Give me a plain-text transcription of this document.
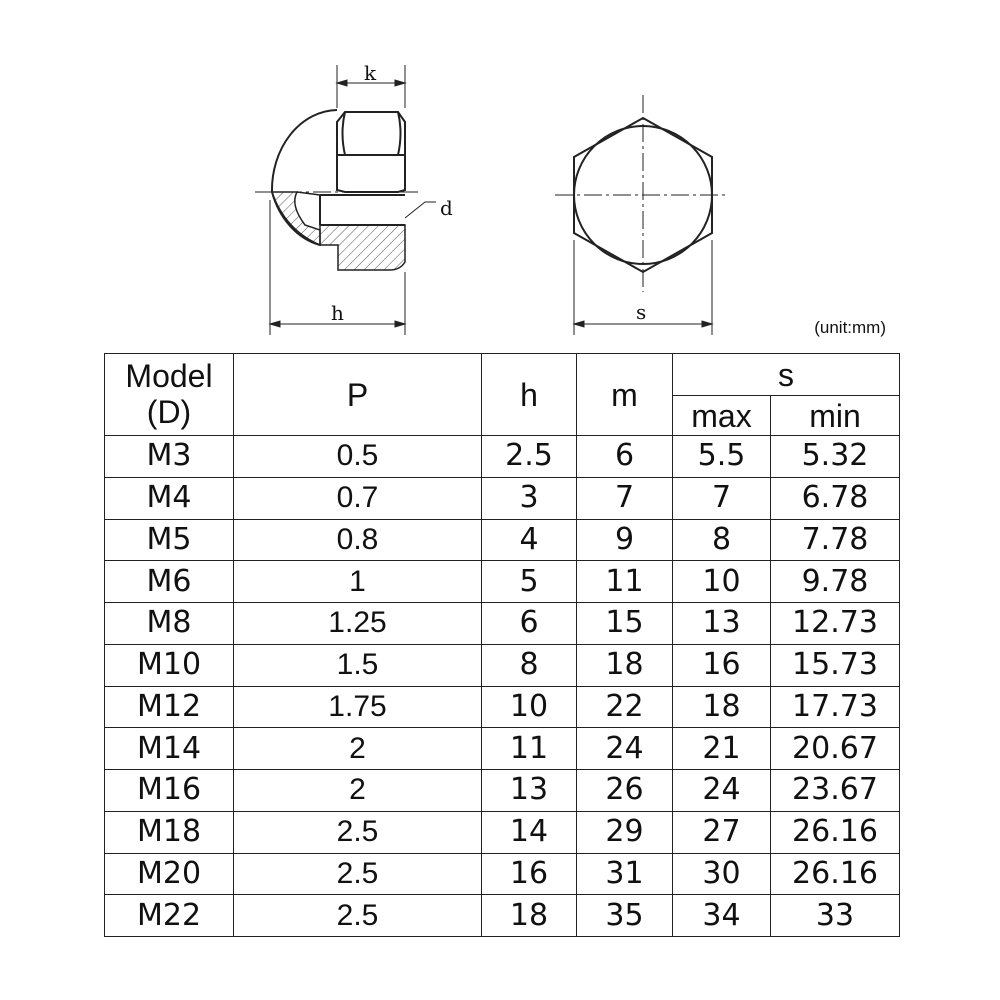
k
d
h	s
(unit:mm)
Model
(D)	P	h	m	s	
				max	min
M3	0.5	2.5	6	5.5	5.32
M4	0.7	3	7	7	6.78
M5	0.8	4	9	8	7.78
M6	1	5	11	10	9.78
M8	1.25	6	15	13	12.73
M10	1.5	8	18	16	15.73
M12	1.75	10	22	18	17.73
M14	2	11	24	21	20.67
M16	2	13	26	24	23.67
M18	2.5	14	29	27	26.16
M20	2.5	16	31	30	26.16
M22	2.5	18	35	34	33
